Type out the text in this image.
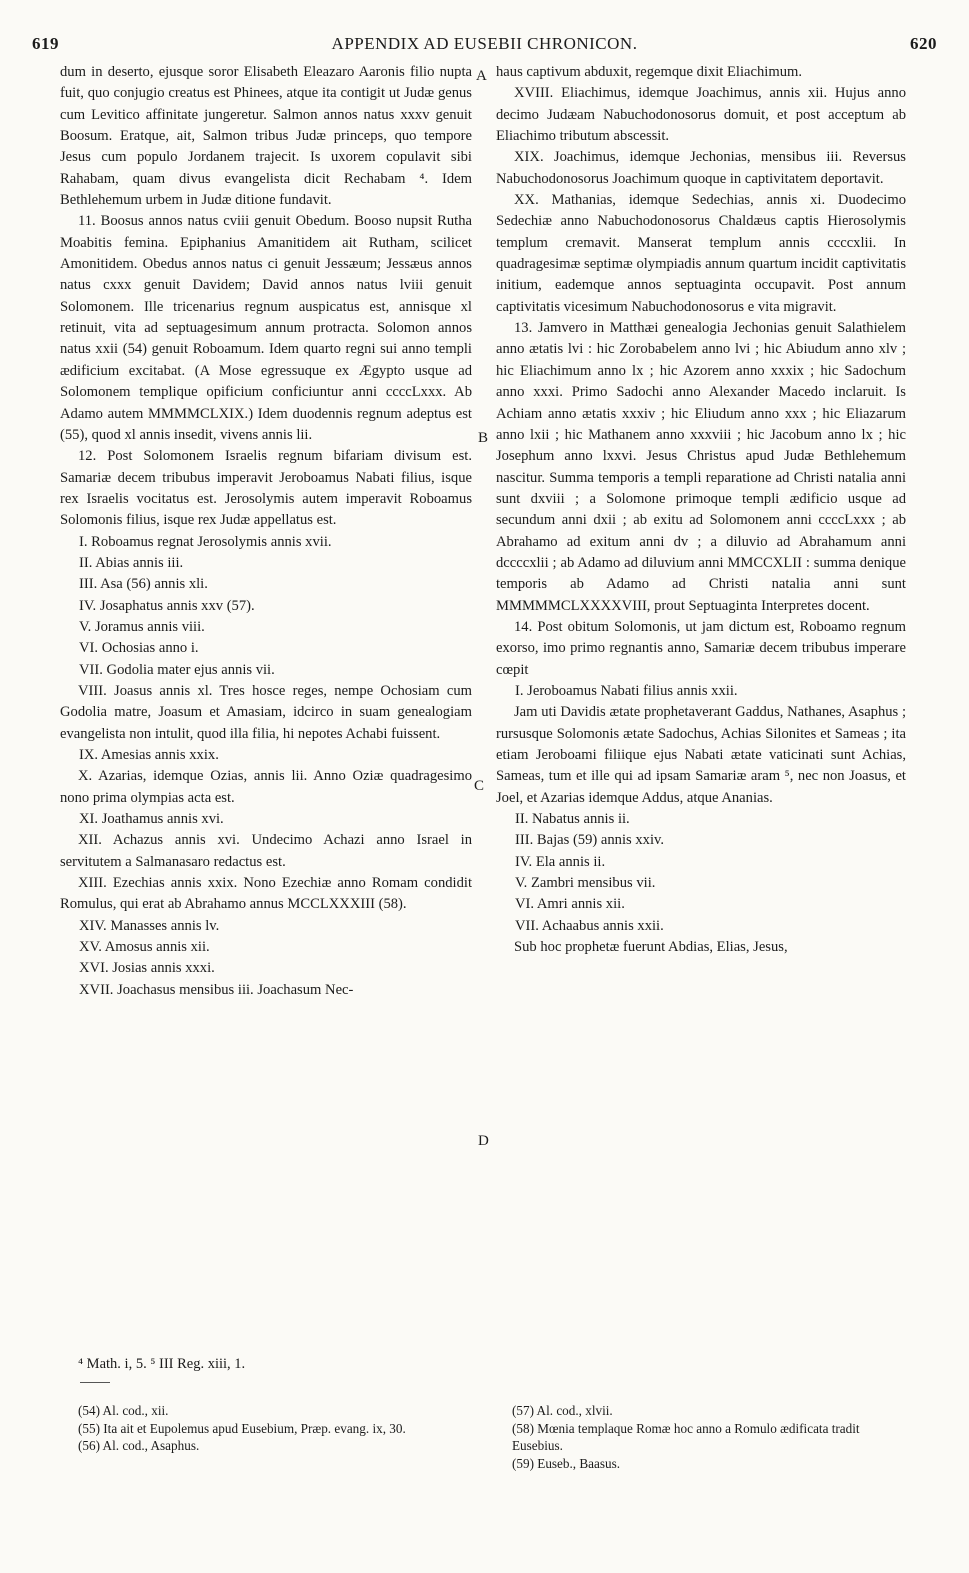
619	APPENDIX AD EUSEBII CHRONICON.	620

dum in deserto, ejusque soror Elisabeth Eleazaro Aaronis filio nupta fuit, quo conjugio creatus est Phinees, atque ita contigit ut Judæ genus cum Levitico affinitate jungeretur. Salmon annos natus xxxv genuit Boosum. Eratque, ait, Salmon tribus Judæ princeps, quo tempore Jesus cum populo Jordanem trajecit. Is uxorem copulavit sibi Rahabam, quam divus evangelista dicit Rechabam ⁴. Idem Bethlehemum urbem in Judæ ditione fundavit.

11. Boosus annos natus cviii genuit Obedum. Booso nupsit Rutha Moabitis femina. Epiphanius Amanitidem ait Rutham, scilicet Amonitidem. Obedus annos natus ci genuit Jessæum; Jessæus annos natus cxxx genuit Davidem; David annos natus lviii genuit Solomonem. Ille tricenarius regnum auspicatus est, annisque xl retinuit, vita ad septuagesimum annum protracta. Solomon annos natus xxii (54) genuit Roboamum. Idem quarto regni sui anno templi ædificium excitabat. (A Mose egressuque ex Ægypto usque ad Solomonem templique opificium conficiuntur anni ccccLxxx. Ab Adamo autem MMMMCLXIX.) Idem duodennis regnum adeptus est (55), quod xl annis insedit, vivens annis lii.

12. Post Solomonem Israelis regnum bifariam divisum est. Samariæ decem tribubus imperavit Jeroboamus Nabati filius, isque rex Israelis vocitatus est. Jerosolymis autem imperavit Roboamus Solomonis filius, isque rex Judæ appellatus est.

I. Roboamus regnat Jerosolymis annis xvii.

II. Abias annis iii.

III. Asa (56) annis xli.

IV. Josaphatus annis xxv (57).

V. Joramus annis viii.

VI. Ochosias anno i.

VII. Godolia mater ejus annis vii.

VIII. Joasus annis xl. Tres hosce reges, nempe Ochosiam cum Godolia matre, Joasum et Amasiam, idcirco in suam genealogiam evangelista non intulit, quod illa filia, hi nepotes Achabi fuissent.

IX. Amesias annis xxix.

X. Azarias, idemque Ozias, annis lii. Anno Oziæ quadragesimo nono prima olympias acta est.

XI. Joathamus annis xvi.

XII. Achazus annis xvi. Undecimo Achazi anno Israel in servitutem a Salmanasaro redactus est.

XIII. Ezechias annis xxix. Nono Ezechiæ anno Romam condidit Romulus, qui erat ab Abrahamo annus MCCLXXXIII (58).

XIV. Manasses annis lv.

XV. Amosus annis xii.

XVI. Josias annis xxxi.

XVII. Joachasus mensibus iii. Joachasum Nec-

haus captivum abduxit, regemque dixit Eliachimum.

XVIII. Eliachimus, idemque Joachimus, annis xii. Hujus anno decimo Judæam Nabuchodonosorus domuit, et post acceptum ab Eliachimo tributum abscessit.

XIX. Joachimus, idemque Jechonias, mensibus iii. Reversus Nabuchodonosorus Joachimum quoque in captivitatem deportavit.

XX. Mathanias, idemque Sedechias, annis xi. Duodecimo Sedechiæ anno Nabuchodonosorus Chaldæus captis Hierosolymis templum cremavit. Manserat templum annis ccccxlii. In quadragesimæ septimæ olympiadis annum quartum incidit captivitatis initium, eademque annos septuaginta occupavit. Post annum captivitatis vicesimum Nabuchodonosorus e vita migravit.

13. Jamvero in Matthæi genealogia Jechonias genuit Salathielem anno ætatis lvi : hic Zorobabelem anno lvi ; hic Abiudum anno xlv ; hic Eliachimum anno lx ; hic Azorem anno xxxix ; hic Sadochum anno xxxi. Primo Sadochi anno Alexander Macedo inclaruit. Is Achiam anno ætatis xxxiv ; hic Eliudum anno xxx ; hic Eliazarum anno lxii ; hic Mathanem anno xxxviii ; hic Jacobum anno lx ; hic Josephum anno lxxvi. Jesus Christus apud Judæ Bethlehemum nascitur. Summa temporis a templi reparatione ad Christi natalia anni sunt dxviii ; a Solomone primoque templi ædificio usque ad secundum anni dxii ; ab exitu ad Solomonem anni ccccLxxx ; ab Abrahamo ad exitum anni dv ; a diluvio ad Abrahamum anni dccccxlii ; ab Adamo ad diluvium anni MMCCXLII : summa denique temporis ab Adamo ad Christi natalia anni sunt MMMMMCLXXXXVIII, prout Septuaginta Interpretes docent.

14. Post obitum Solomonis, ut jam dictum est, Roboamo regnum exorso, imo primo regnantis anno, Samariæ decem tribubus imperare cœpit

I. Jeroboamus Nabati filius annis xxii.

Jam uti Davidis ætate prophetaverant Gaddus, Nathanes, Asaphus ; rursusque Solomonis ætate Sadochus, Achias Silonites et Sameas ; ita etiam Jeroboami filiique ejus Nabati ætate vaticinati sunt Achias, Sameas, tum et ille qui ad ipsam Samariæ aram ⁵, nec non Joasus, et Joel, et Azarias idemque Addus, atque Ananias.

II. Nabatus annis ii.

III. Bajas (59) annis xxiv.

IV. Ela annis ii.

V. Zambri mensibus vii.

VI. Amri annis xii.

VII. Achaabus annis xxii.

Sub hoc prophetæ fuerunt Abdias, Elias, Jesus,

A
B
C
D
⁴ Math. i, 5. ⁵ III Reg. xiii, 1.
(54) Al. cod., xii.
(55) Ita ait et Eupolemus apud Eusebium, Præp. evang. ix, 30.
(56) Al. cod., Asaphus.
(57) Al. cod., xlvii.
(58) Mœnia templaque Romæ hoc anno a Romulo ædificata tradit Eusebius.
(59) Euseb., Baasus.
